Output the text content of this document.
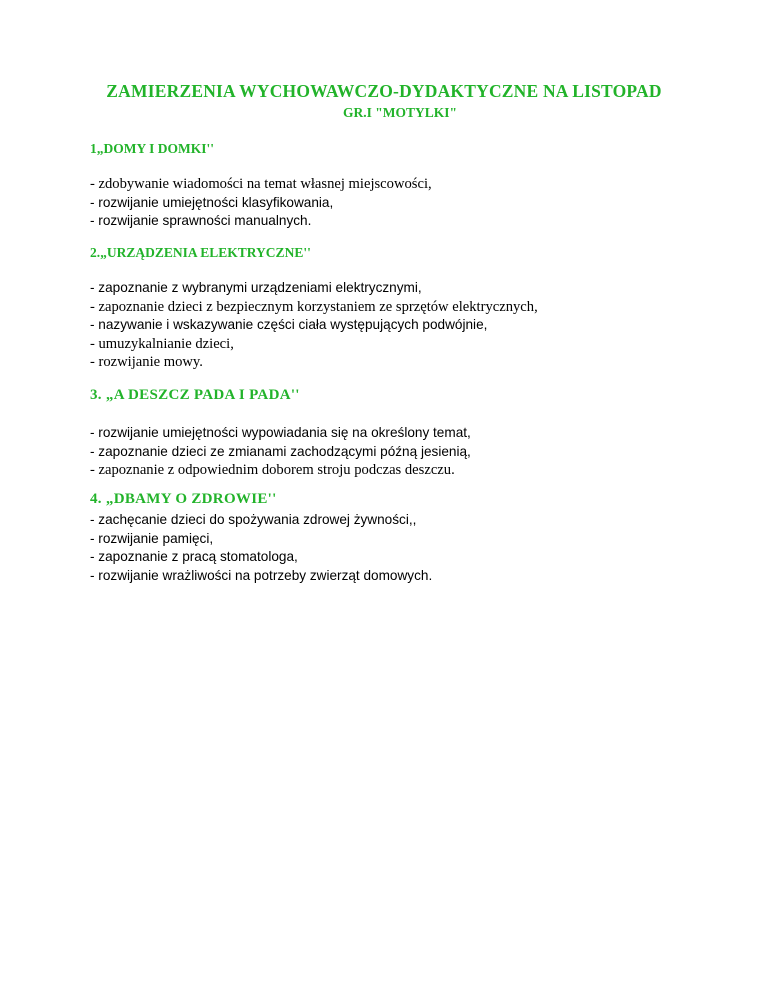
ZAMIERZENIA WYCHOWAWCZO-DYDAKTYCZNE NA LISTOPAD
GR.I "MOTYLKI"
1„DOMY I DOMKI''
- zdobywanie wiadomości na temat własnej miejscowości,
- rozwijanie umiejętności klasyfikowania,
- rozwijanie sprawności manualnych.
2.„URZĄDZENIA ELEKTRYCZNE''
- zapoznanie z wybranymi urządzeniami elektrycznymi,
- zapoznanie dzieci z bezpiecznym korzystaniem ze sprzętów elektrycznych,
- nazywanie i wskazywanie części ciała występujących podwójnie,
- umuzykalnianie dzieci,
- rozwijanie mowy.
3. „A DESZCZ PADA I PADA''
- rozwijanie umiejętności wypowiadania się na określony temat,
- zapoznanie dzieci ze zmianami zachodzącymi późną jesienią,
- zapoznanie z odpowiednim doborem stroju podczas deszczu.
4. „DBAMY O ZDROWIE''
- zachęcanie dzieci do spożywania zdrowej żywności,,
- rozwijanie pamięci,
- zapoznanie z pracą stomatologa,
- rozwijanie wrażliwości na potrzeby zwierząt domowych.
